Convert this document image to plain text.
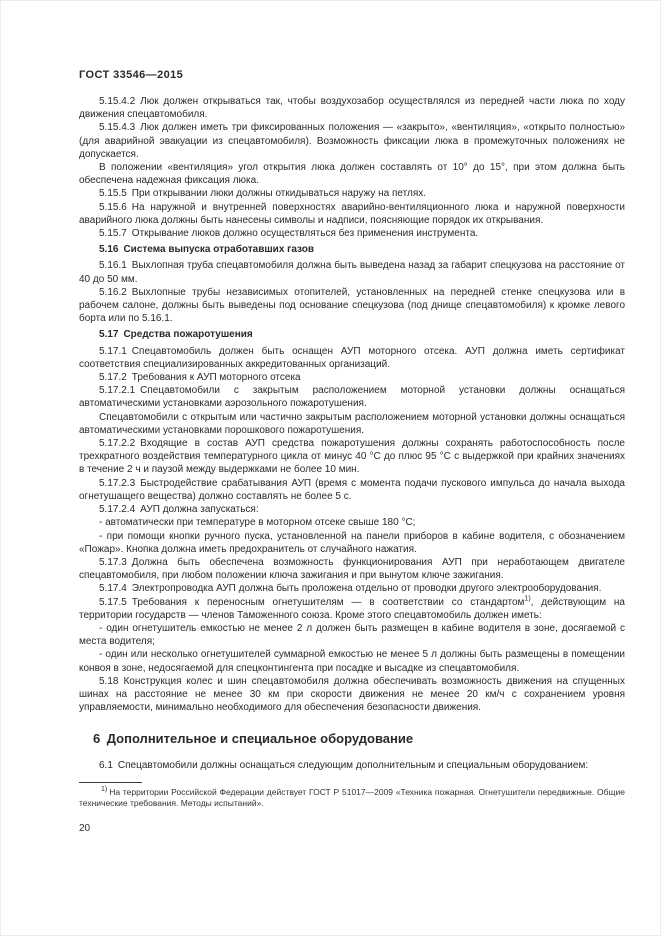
ГОСТ 33546—2015

5.15.4.2 Люк должен открываться так, чтобы воздухозабор осуществлялся из передней части люка по ходу движения спецавтомобиля.

5.15.4.3 Люк должен иметь три фиксированных положения — «закрыто», «вентиляция», «открыто полностью» (для аварийной эвакуации из спецавтомобиля). Возможность фиксации люка в промежуточных положениях не допускается.

В положении «вентиляция» угол открытия люка должен составлять от 10° до 15°, при этом должна быть обеспечена надежная фиксация люка.

5.15.5 При открывании люки должны откидываться наружу на петлях.

5.15.6 На наружной и внутренней поверхностях аварийно-вентиляционного люка и наружной поверхности аварийного люка должны быть нанесены символы и надписи, поясняющие порядок их открывания.

5.15.7 Открывание люков должно осуществляться без применения инструмента.

5.16 Система выпуска отработавших газов

5.16.1 Выхлопная труба спецавтомобиля должна быть выведена назад за габарит спецкузова на расстояние от 40 до 50 мм.

5.16.2 Выхлопные трубы независимых отопителей, установленных на передней стенке спецкузова или в рабочем салоне, должны быть выведены под основание спецкузова (под днище спецавтомобиля) к кромке левого борта или по 5.16.1.

5.17 Средства пожаротушения

5.17.1 Спецавтомобиль должен быть оснащен АУП моторного отсека. АУП должна иметь сертификат соответствия специализированных аккредитованных организаций.

5.17.2 Требования к АУП моторного отсека

5.17.2.1 Спецавтомобили с закрытым расположением моторной установки должны оснащаться автоматическими установками аэрозольного пожаротушения.

Спецавтомобили с открытым или частично закрытым расположением моторной установки должны оснащаться автоматическими установками порошкового пожаротушения.

5.17.2.2 Входящие в состав АУП средства пожаротушения должны сохранять работоспособность после трехкратного воздействия температурного цикла от минус 40 °С до плюс 95 °С с выдержкой при крайних значениях в течение 2 ч и паузой между выдержками не более 10 мин.

5.17.2.3 Быстродействие срабатывания АУП (время с момента подачи пускового импульса до начала выхода огнетушащего вещества) должно составлять не более 5 с.

5.17.2.4 АУП должна запускаться:

- автоматически при температуре в моторном отсеке свыше 180 °С;

- при помощи кнопки ручного пуска, установленной на панели приборов в кабине водителя, с обозначением «Пожар». Кнопка должна иметь предохранитель от случайного нажатия.

5.17.3 Должна быть обеспечена возможность функционирования АУП при неработающем двигателе спецавтомобиля, при любом положении ключа зажигания и при вынутом ключе зажигания.

5.17.4 Электропроводка АУП должна быть проложена отдельно от проводки другого электрооборудования.

5.17.5 Требования к переносным огнетушителям — в соответствии со стандартом$^{1)}$, действующим на территории государств — членов Таможенного союза. Кроме этого спецавтомобиль должен иметь:

- один огнетушитель емкостью не менее 2 л должен быть размещен в кабине водителя в зоне, досягаемой с места водителя;

- один или несколько огнетушителей суммарной емкостью не менее 5 л должны быть размещены в помещении конвоя в зоне, недосягаемой для спецконтингента при посадке и высадке из спецавтомобиля.

5.18 Конструкция колес и шин спецавтомобиля должна обеспечивать возможность движения на спущенных шинах на расстояние не менее 30 км при скорости движения не менее 20 км/ч с сохранением уровня управляемости, минимально необходимого для обеспечения безопасности движения.

6 Дополнительное и специальное оборудование

6.1 Спецавтомобили должны оснащаться следующим дополнительным и специальным оборудованием:

$^{1)}$ На территории Российской Федерации действует ГОСТ Р 51017—2009 «Техника пожарная. Огнетушители передвижные. Общие технические требования. Методы испытаний».

20
